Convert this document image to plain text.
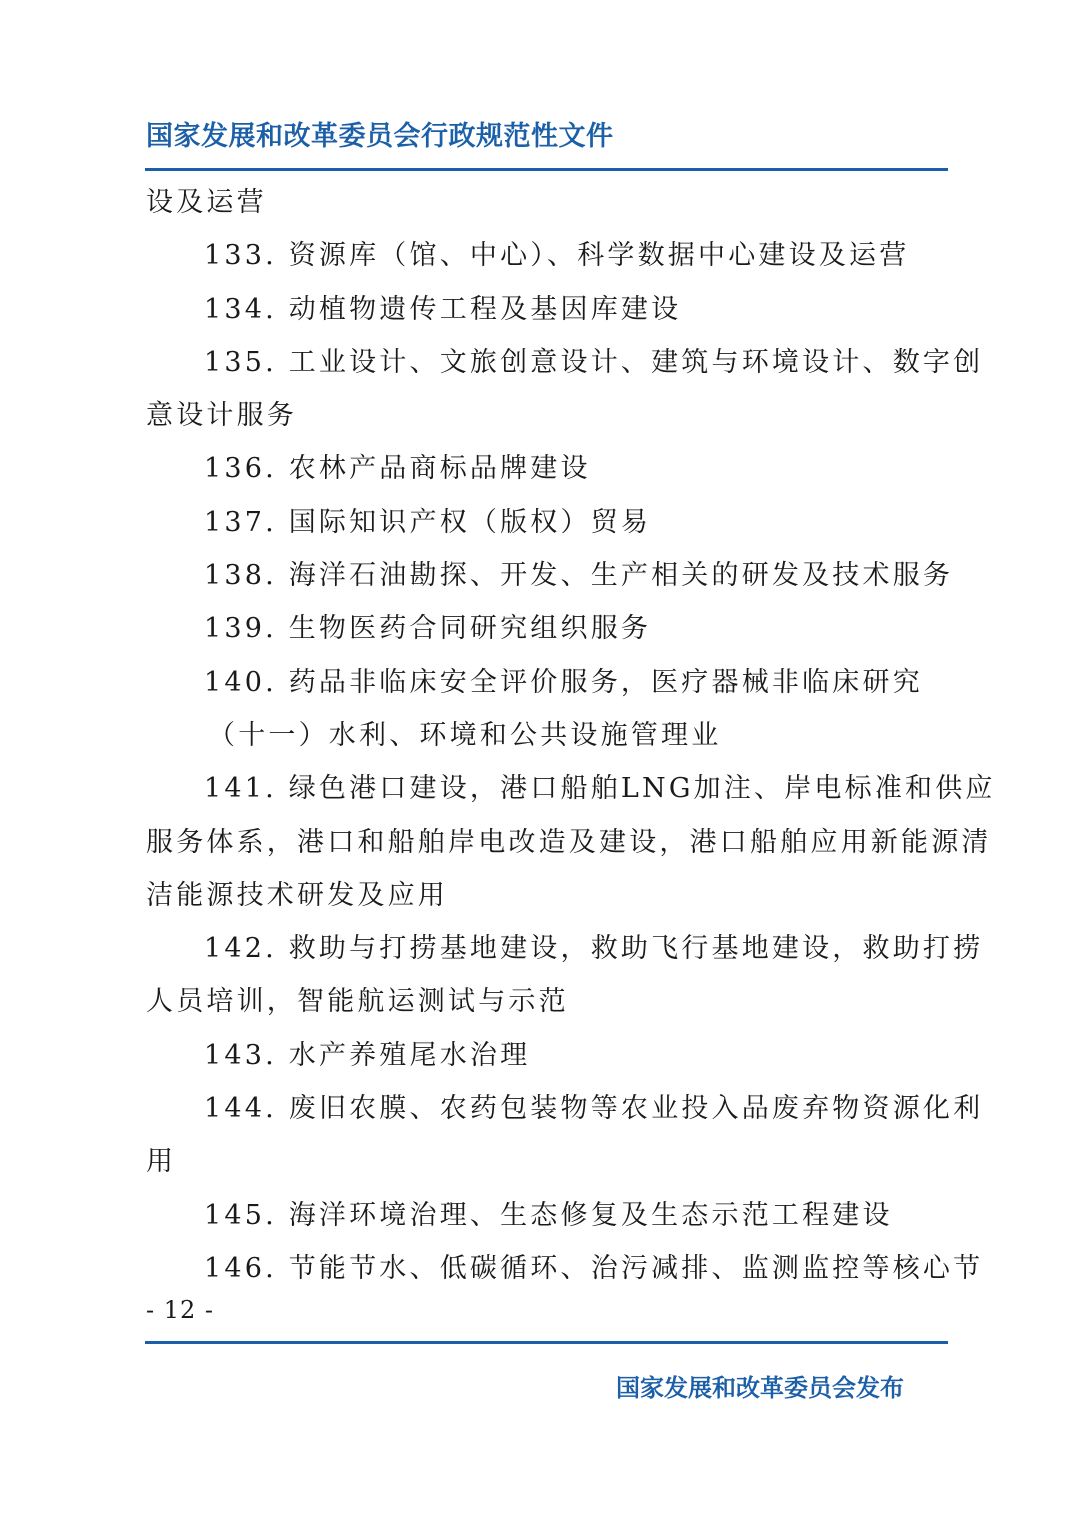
国家发展和改革委员会行政规范性文件
设及运营
133. 资源库（馆、中心）、科学数据中心建设及运营
134. 动植物遗传工程及基因库建设
135. 工业设计、文旅创意设计、建筑与环境设计、数字创
意设计服务
136. 农林产品商标品牌建设
137. 国际知识产权（版权）贸易
138. 海洋石油勘探、开发、生产相关的研发及技术服务
139. 生物医药合同研究组织服务
140. 药品非临床安全评价服务，医疗器械非临床研究
（十一）水利、环境和公共设施管理业
141. 绿色港口建设，港口船舶LNG加注、岸电标准和供应
服务体系，港口和船舶岸电改造及建设，港口船舶应用新能源清
洁能源技术研发及应用
142. 救助与打捞基地建设，救助飞行基地建设，救助打捞
人员培训，智能航运测试与示范
143. 水产养殖尾水治理
144. 废旧农膜、农药包装物等农业投入品废弃物资源化利
用
145. 海洋环境治理、生态修复及生态示范工程建设
146. 节能节水、低碳循环、治污减排、监测监控等核心节
- 12 -
国家发展和改革委员会发布
